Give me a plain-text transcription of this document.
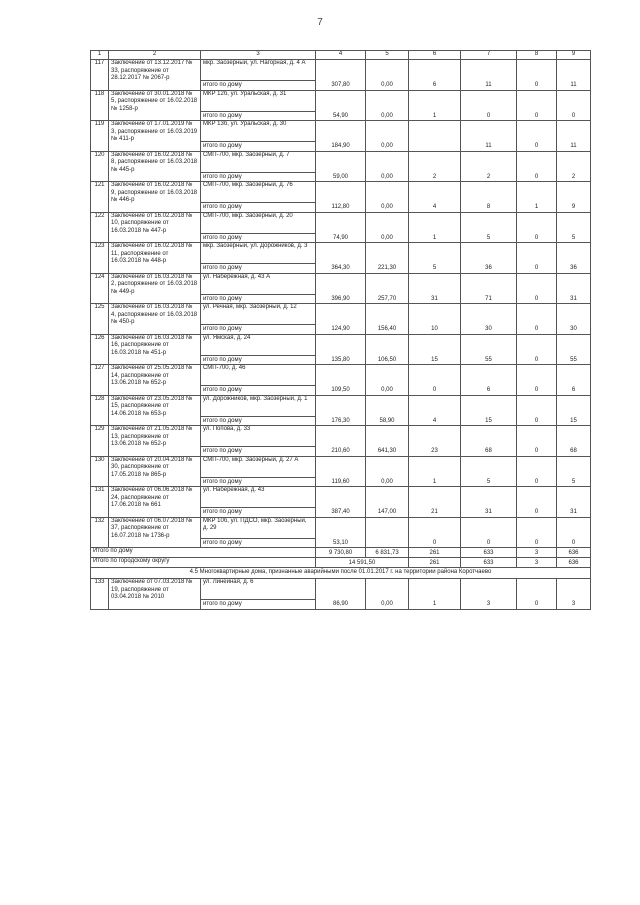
7
1	2	3	4	5	6	7	8	9
117	Заключение от 13.12.2017 № 33, распоряжение от 28.12.2017 № 2067-р	мкр. Заозерный, ул. Нагорная, д. 4 А
итого по дому	307,80	0,00	6	11	0	11
118	Заключение от 30.01.2018 № 5, распоряжение от 16.02.2018 № 1258-р	МКР 12б, ул. Уральская, д. 31
итого по дому	54,90	0,00	1	0	0	0
119	Заключение от 17.01.2019 № 3, распоряжение от 16.03.2019 № 411-р	МКР 13б, ул. Уральская, д. 30
итого по дому	184,90	0,00		11	0	11
120	Заключение от 16.02.2018 № 8, распоряжение от 16.03.2018 № 445-р	СМП-700, мкр. Заозерный, д. 7
итого по дому	59,00	0,00	2	2	0	2
121	Заключение от 16.02.2018 № 9, распоряжение от 16.03.2018 № 446-р	СМП-700, мкр. Заозерный, д. 76
итого по дому	112,80	0,00	4	8	1	9
122	Заключение от 16.02.2018 № 10, распоряжение от 16.03.2018 № 447-р	СМП-700, мкр. Заозерный, д. 20
итого по дому	74,90	0,00	1	5	0	5
123	Заключение от 16.02.2018 № 11, распоряжение от 16.03.2018 № 448-р	мкр. Заозерный, ул. Дорожников, д. 3
итого по дому	364,30	221,30	5	36	0	36
124	Заключение от 16.03.2018 № 2, распоряжение от 16.03.2018 № 449-р	ул. Набережная, д. 43 А
итого по дому	396,90	257,70	31	71	0	31
125	Заключение от 16.03.2018 № 4, распоряжение от 16.03.2018 № 450-р	ул. Речная, мкр. Заозерный, д. 12
итого по дому	124,90	156,40	10	30	0	30
126	Заключение от 16.03.2018 № 16, распоряжение от 16.03.2018 № 451-р	ул. Ямская, д. 24
итого по дому	135,80	106,50	15	55	0	55
127	Заключение от 25.05.2018 № 14, распоряжение от 13.06.2018 № 652-р	СМП-700, д. 46
итого по дому	109,50	0,00	0	6	0	6
128	Заключение от 23.05.2018 № 15, распоряжение от 14.06.2018 № 653-р	ул. Дорожников, мкр. Заозерный, д. 1
итого по дому	176,30	58,90	4	15	0	15
129	Заключение от 21.05.2018 № 13, распоряжение от 13.06.2018 № 652-р	ул. Попова, д. 33
итого по дому	210,60	641,30	23	68	0	68
130	Заключение от 20.04.2018 № 30, распоряжение от 17.05.2018 № 865-р	СМП-700, мкр. Заозерный, д. 27 А
итого по дому	119,60	0,00	1	5	0	5
131	Заключение от 06.06.2018 № 24, распоряжение от 17.06.2018 № 661	ул. Набережная, д. 43
итого по дому	387,40	147,00	21	31	0	31
132	Заключение от 06.07.2018 № 37, распоряжение от 16.07.2018 № 1736-р	МКР 10б, ул. ПДСО, мкр. Заозерный, д. 29
итого по дому	53,10		0	0	0	0
Итого по дому			9 730,80	6 831,73	261	633	3	636
Итого по городскому округу			14 591,50		261	633	3	636
4.5 Многоквартирные дома, признанные аварийными после 01.01.2017 г. на территории района Коротчаево								
133	Заключение от 07.03.2018 № 19, распоряжение от 03.04.2018 № 2010	ул. Линейная, д. 6
итого по дому	86,90	0,00	1	3	0	3
